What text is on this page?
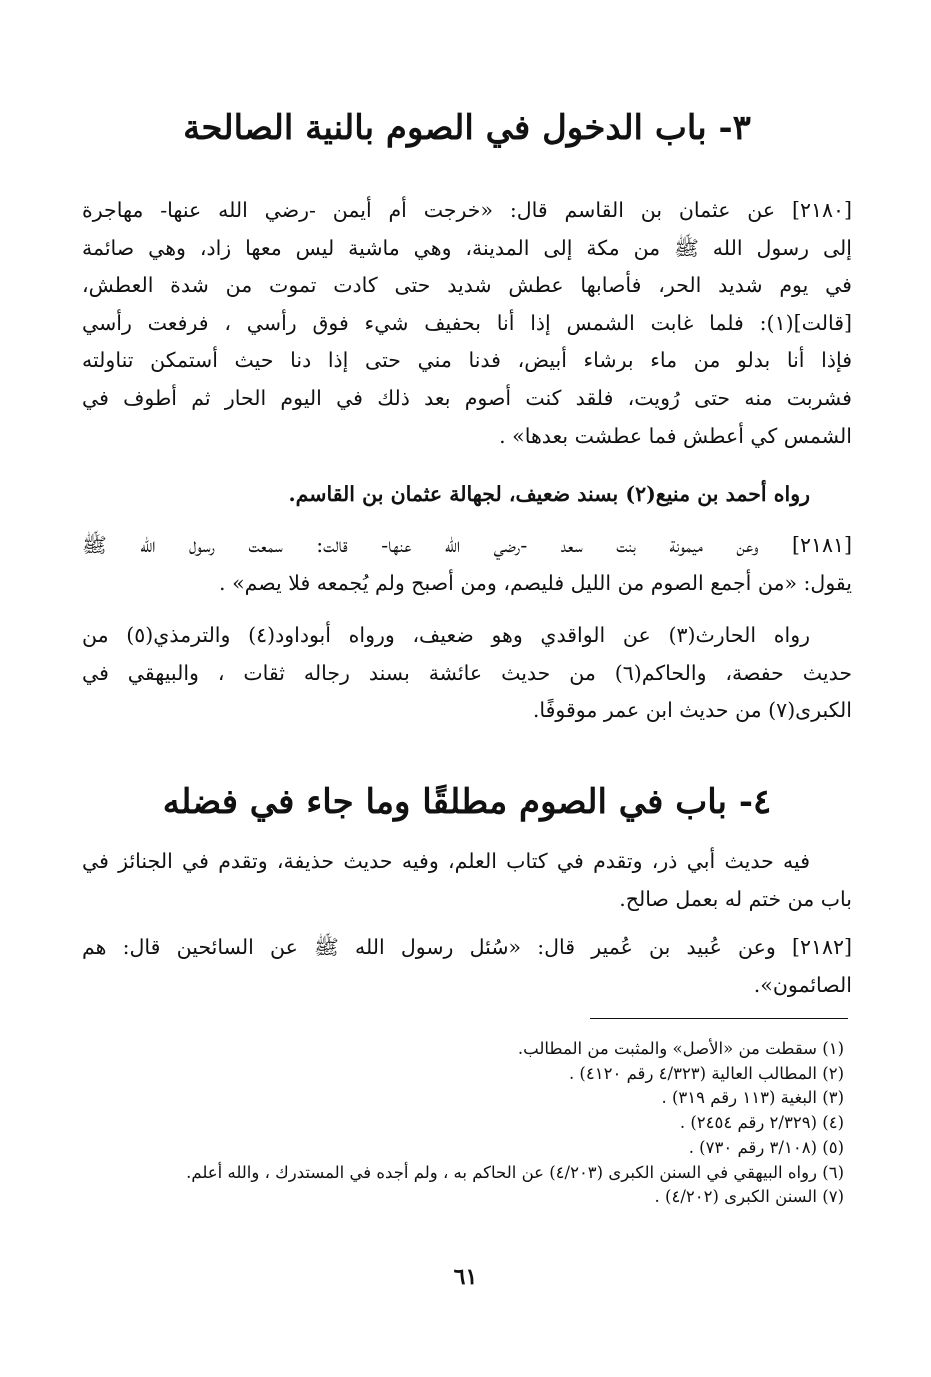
٣- باب الدخول في الصوم بالنية الصالحة
[٢١٨٠] عن عثمان بن القاسم قال: «خرجت أم أيمن -رضي الله عنها- مهاجرة
إلى رسول الله ﷺ من مكة إلى المدينة، وهي ماشية ليس معها زاد، وهي صائمة
في يوم شديد الحر، فأصابها عطش شديد حتى كادت تموت من شدة العطش،
[قالت](١): فلما غابت الشمس إذا أنا بحفيف شيء فوق رأسي ، فرفعت رأسي
فإذا أنا بدلو من ماء برشاء أبيض، فدنا مني حتى إذا دنا حيث أستمكن تناولته
فشربت منه حتى رُويت، فلقد كنت أصوم بعد ذلك في اليوم الحار ثم أطوف في
الشمس كي أعطش فما عطشت بعدها» .
رواه أحمد بن منيع(٢) بسند ضعيف، لجهالة عثمان بن القاسم.
[٢١٨١] وعن ميمونة بنت سعد -رضي الله عنها- قالت: سمعت رسول الله ﷺ
يقول: «من أجمع الصوم من الليل فليصم، ومن أصبح ولم يُجمعه فلا يصم» .
رواه الحارث(٣) عن الواقدي وهو ضعيف، ورواه أبوداود(٤) والترمذي(٥) من
حديث حفصة، والحاكم(٦) من حديث عائشة بسند رجاله ثقات ، والبيهقي في
الكبرى(٧) من حديث ابن عمر موقوفًا.
٤- باب في الصوم مطلقًا وما جاء في فضله
فيه حديث أبي ذر، وتقدم في كتاب العلم، وفيه حديث حذيفة، وتقدم في الجنائز في
باب من ختم له بعمل صالح.
[٢١٨٢] وعن عُبيد بن عُمير قال: «سُئل رسول الله ﷺ عن السائحين قال: هم
الصائمون».
(١) سقطت من «الأصل» والمثبت من المطالب.
(٢) المطالب العالية (٤/٣٢٣ رقم ٤١٢٠) .
(٣) البغية (١١٣ رقم ٣١٩) .
(٤) (٢/٣٢٩ رقم ٢٤٥٤) .
(٥) (٣/١٠٨ رقم ٧٣٠) .
(٦) رواه البيهقي في السنن الكبرى (٤/٢٠٣) عن الحاكم به ، ولم أجده في المستدرك ، والله أعلم.
(٧) السنن الكبرى (٤/٢٠٢) .
٦١
